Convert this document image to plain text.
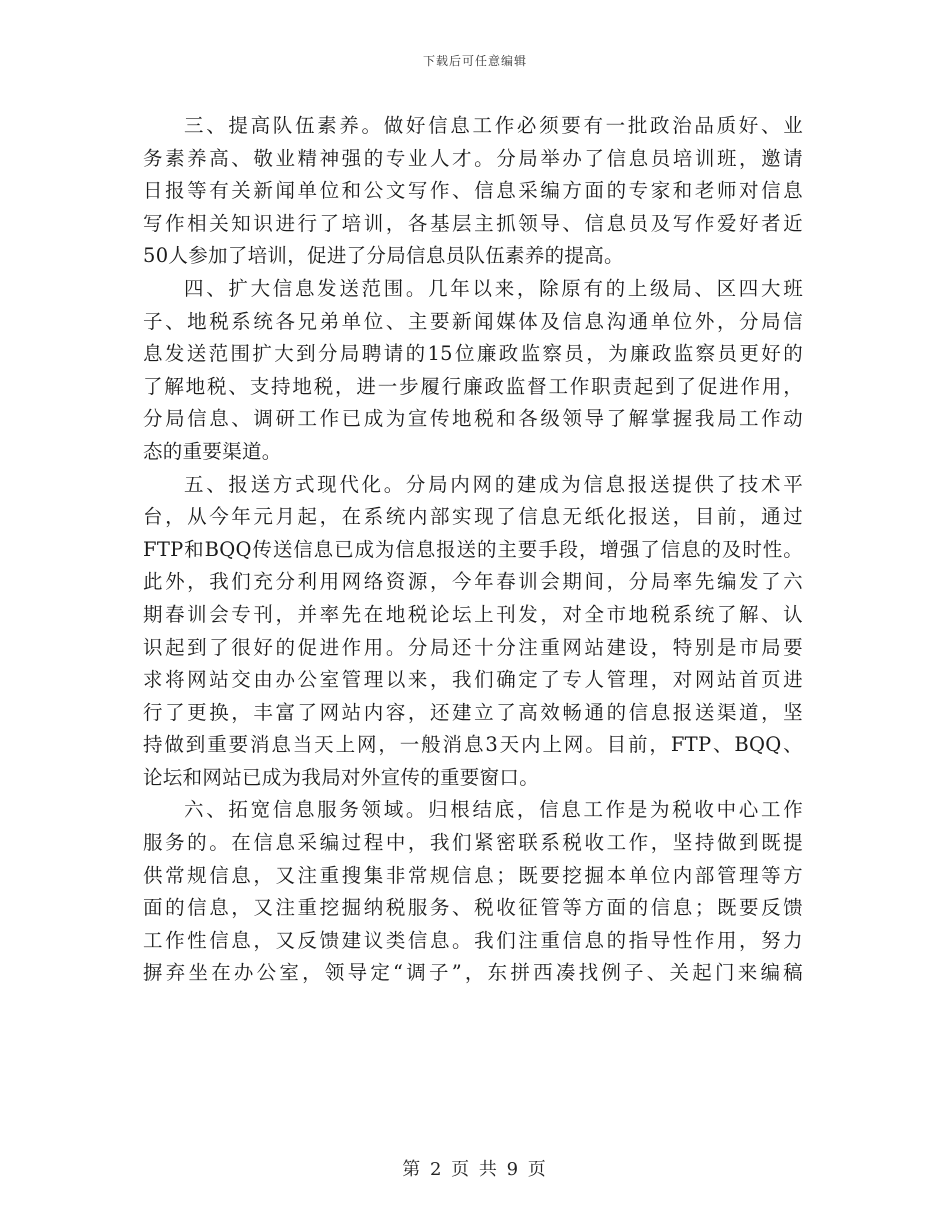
下载后可任意编辑
三、提高队伍素养。做好信息工作必须要有一批政治品质好、业
务素养高、敬业精神强的专业人才。分局举办了信息员培训班，邀请
日报等有关新闻单位和公文写作、信息采编方面的专家和老师对信息
写作相关知识进行了培训，各基层主抓领导、信息员及写作爱好者近
50人参加了培训，促进了分局信息员队伍素养的提高。
四、扩大信息发送范围。几年以来，除原有的上级局、区四大班
子、地税系统各兄弟单位、主要新闻媒体及信息沟通单位外，分局信
息发送范围扩大到分局聘请的15位廉政监察员，为廉政监察员更好的
了解地税、支持地税，进一步履行廉政监督工作职责起到了促进作用，
分局信息、调研工作已成为宣传地税和各级领导了解掌握我局工作动
态的重要渠道。
五、报送方式现代化。分局内网的建成为信息报送提供了技术平
台，从今年元月起，在系统内部实现了信息无纸化报送，目前，通过
FTP和BQQ传送信息已成为信息报送的主要手段，增强了信息的及时性。
此外，我们充分利用网络资源，今年春训会期间，分局率先编发了六
期春训会专刊，并率先在地税论坛上刊发，对全市地税系统了解、认
识起到了很好的促进作用。分局还十分注重网站建设，特别是市局要
求将网站交由办公室管理以来，我们确定了专人管理，对网站首页进
行了更换，丰富了网站内容，还建立了高效畅通的信息报送渠道，坚
持做到重要消息当天上网，一般消息3天内上网。目前，FTP、BQQ、
论坛和网站已成为我局对外宣传的重要窗口。
六、拓宽信息服务领域。归根结底，信息工作是为税收中心工作
服务的。在信息采编过程中，我们紧密联系税收工作，坚持做到既提
供常规信息，又注重搜集非常规信息；既要挖掘本单位内部管理等方
面的信息，又注重挖掘纳税服务、税收征管等方面的信息；既要反馈
工作性信息，又反馈建议类信息。我们注重信息的指导性作用，努力
摒弃坐在办公室，领导定“调子”，东拼西凑找例子、关起门来编稿
第 2 页 共 9 页
